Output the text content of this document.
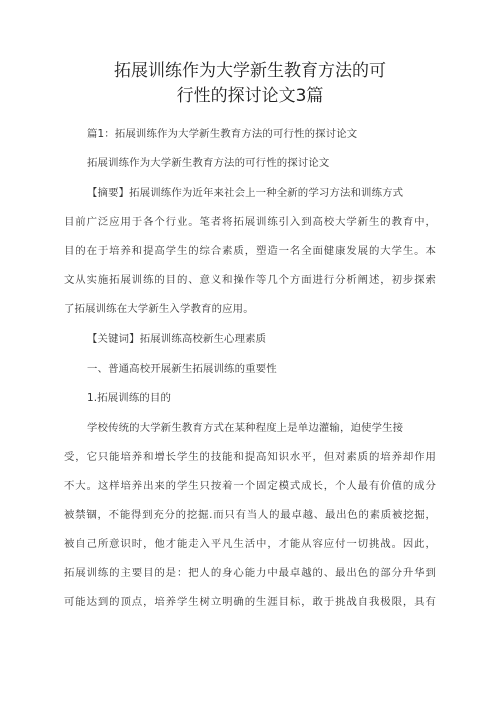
拓展训练作为大学新生教育方法的可
行性的探讨论文3篇
篇1：拓展训练作为大学新生教育方法的可行性的探讨论文
拓展训练作为大学新生教育方法的可行性的探讨论文
【摘要】拓展训练作为近年来社会上一种全新的学习方法和训练方式
目前广泛应用于各个行业。笔者将拓展训练引入到高校大学新生的教育中，
目的在于培养和提高学生的综合素质，塑造一名全面健康发展的大学生。本
文从实施拓展训练的目的、意义和操作等几个方面进行分析阐述，初步探索
了拓展训练在大学新生入学教育的应用。
【关键词】拓展训练高校新生心理素质
一、普通高校开展新生拓展训练的重要性
1.拓展训练的目的
学校传统的大学新生教育方式在某种程度上是单边灌输，迫使学生接
受，它只能培养和增长学生的技能和提高知识水平，但对素质的培养却作用
不大。这样培养出来的学生只按着一个固定模式成长，个人最有价值的成分
被禁锢，不能得到充分的挖掘.而只有当人的最卓越、最出色的素质被挖掘，
被自己所意识时，他才能走入平凡生活中，才能从容应付一切挑战。因此，
拓展训练的主要目的是：把人的身心能力中最卓越的、最出色的部分升华到
可能达到的顶点，培养学生树立明确的生涯目标，敢于挑战自我极限，具有
